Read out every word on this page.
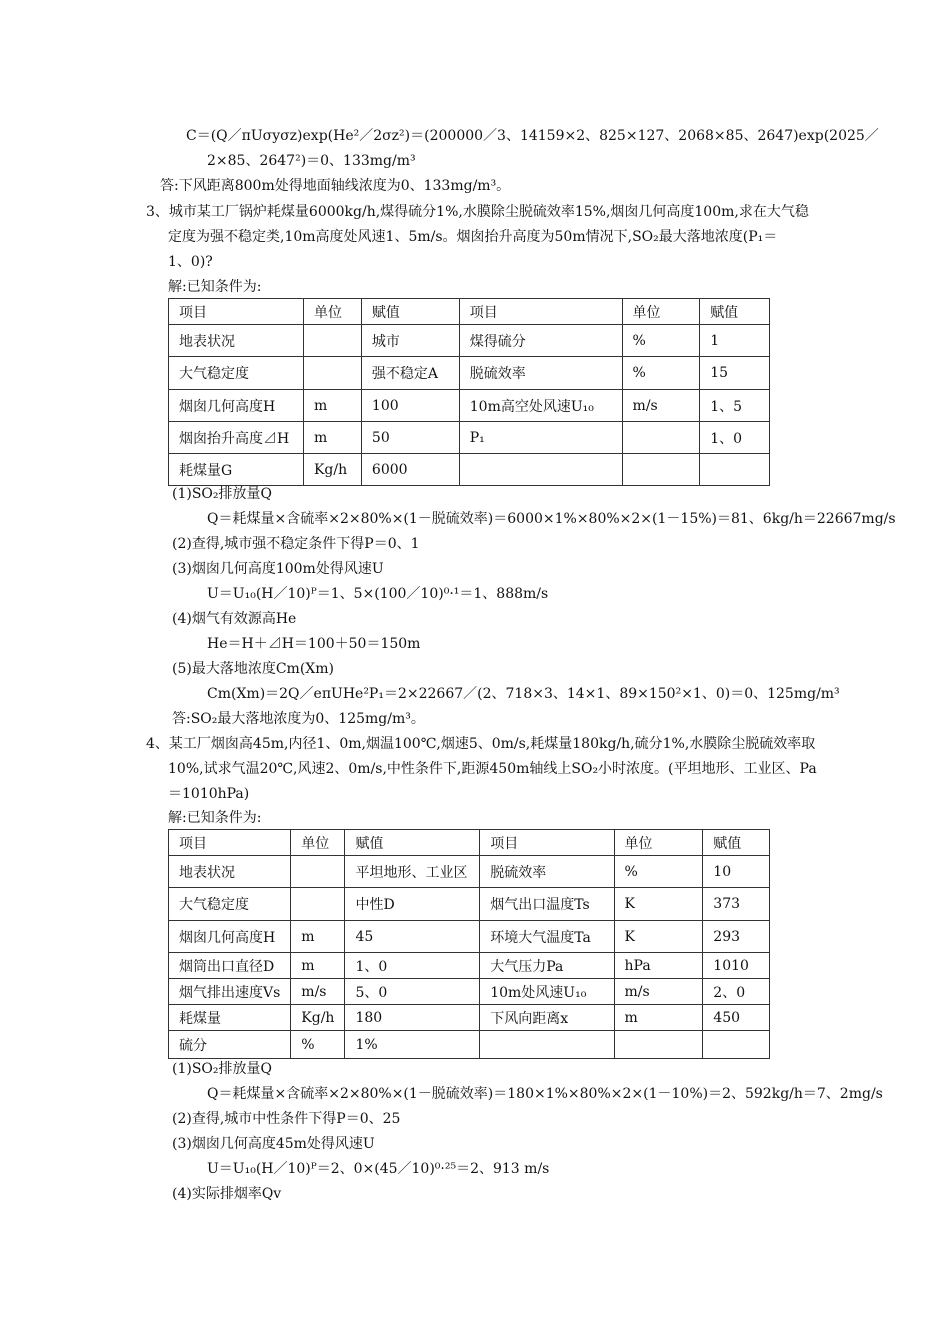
C＝(Q／πUσyσz)exp(He²／2σz²)＝(200000／3、14159×2、825×127、2068×85、2647)exp(2025／
2×85、2647²)＝0、133mg/m³
答:下风距离800m处得地面轴线浓度为0、133mg/m³。
3、城市某工厂锅炉耗煤量6000kg/h,煤得硫分1%,水膜除尘脱硫效率15%,烟囱几何高度100m,求在大气稳
定度为强不稳定类,10m高度处风速1、5m/s。烟囱抬升高度为50m情况下,SO₂最大落地浓度(P₁＝
1、0)?
解:已知条件为:
项目	单位	赋值	项目	单位	赋值
地表状况		城市	煤得硫分	%	1
大气稳定度		强不稳定A	脱硫效率	%	15
烟囱几何高度H	m	100	10m高空处风速U₁₀	m/s	1、5
烟囱抬升高度⊿H	m	50	P₁		1、0
耗煤量G	Kg/h	6000			
(1)SO₂排放量Q
Q＝耗煤量×含硫率×2×80%×(1－脱硫效率)＝6000×1%×80%×2×(1－15%)＝81、6kg/h＝22667mg/s
(2)查得,城市强不稳定条件下得P＝0、1
(3)烟囱几何高度100m处得风速U
U＝U₁₀(H／10)ᴾ＝1、5×(100／10)⁰·¹＝1、888m/s
(4)烟气有效源高He
He＝H＋⊿H＝100＋50＝150m
(5)最大落地浓度Cm(Xm)
Cm(Xm)＝2Q／eπUHe²P₁＝2×22667／(2、718×3、14×1、89×150²×1、0)＝0、125mg/m³
答:SO₂最大落地浓度为0、125mg/m³。
4、某工厂烟囱高45m,内径1、0m,烟温100℃,烟速5、0m/s,耗煤量180kg/h,硫分1%,水膜除尘脱硫效率取
10%,试求气温20℃,风速2、0m/s,中性条件下,距源450m轴线上SO₂小时浓度。(平坦地形、工业区、Pa
＝1010hPa)
解:已知条件为:
项目	单位	赋值	项目	单位	赋值
地表状况		平坦地形、工业区	脱硫效率	%	10
大气稳定度		中性D	烟气出口温度Ts	K	373
烟囱几何高度H	m	45	环境大气温度Ta	K	293
烟筒出口直径D	m	1、0	大气压力Pa	hPa	1010
烟气排出速度Vs	m/s	5、0	10m处风速U₁₀	m/s	2、0
耗煤量	Kg/h	180	下风向距离x	m	450
硫分	%	1%			
(1)SO₂排放量Q
Q＝耗煤量×含硫率×2×80%×(1－脱硫效率)＝180×1%×80%×2×(1－10%)＝2、592kg/h＝7、2mg/s
(2)查得,城市中性条件下得P＝0、25
(3)烟囱几何高度45m处得风速U
U＝U₁₀(H／10)ᴾ＝2、0×(45／10)⁰·²⁵＝2、913 m/s
(4)实际排烟率Qv
